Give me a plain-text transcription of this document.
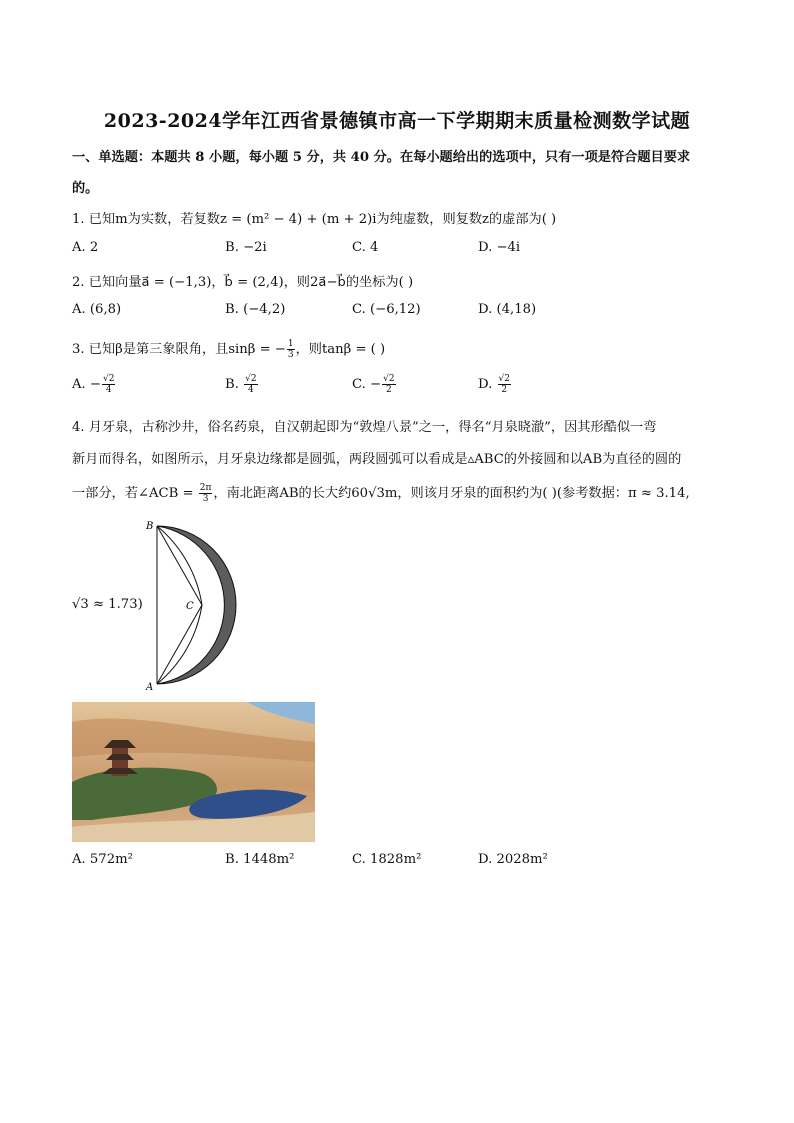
2023-2024学年江西省景德镇市高一下学期期末质量检测数学试题
一、单选题：本题共 8 小题，每小题 5 分，共 40 分。在每小题给出的选项中，只有一项是符合题目要求
的。
1. 已知m为实数，若复数z = (m² − 4) + (m + 2)i为纯虚数，则复数z的虚部为( )
A. 2	B. −2i	C. 4	D. −4i
2. 已知向量a⃗ = (−1,3)，b⃗ = (2,4)，则2a⃗−b⃗的坐标为( )
A. (6,8)	B. (−4,2)	C. (−6,12)	D. (4,18)
3. 已知β是第三象限角，且sinβ = − $\frac{1}{3}$ ，则tanβ = ( )
A. − $\frac{√2}{4}$	B. $\frac{√2}{4}$	C. − $\frac{√2}{2}$	D. $\frac{√2}{2}$
4. 月牙泉，古称沙井，俗名药泉，自汉朝起即为“敦煌八景”之一，得名“月泉晓澈”，因其形酷似一弯
新月而得名，如图所示，月牙泉边缘都是圆弧，两段圆弧可以看成是▵ABC的外接圆和以AB为直径的圆的
一部分，若∠ACB = $\frac{2\pi}{3}$ ，南北距离AB的长大约60√3m，则该月牙泉的面积约为( )(参考数据：π ≈ 3.14,
√3 ≈ 1.73)
B
C
A
A. 572m²	B. 1448m²	C. 1828m²	D. 2028m²
